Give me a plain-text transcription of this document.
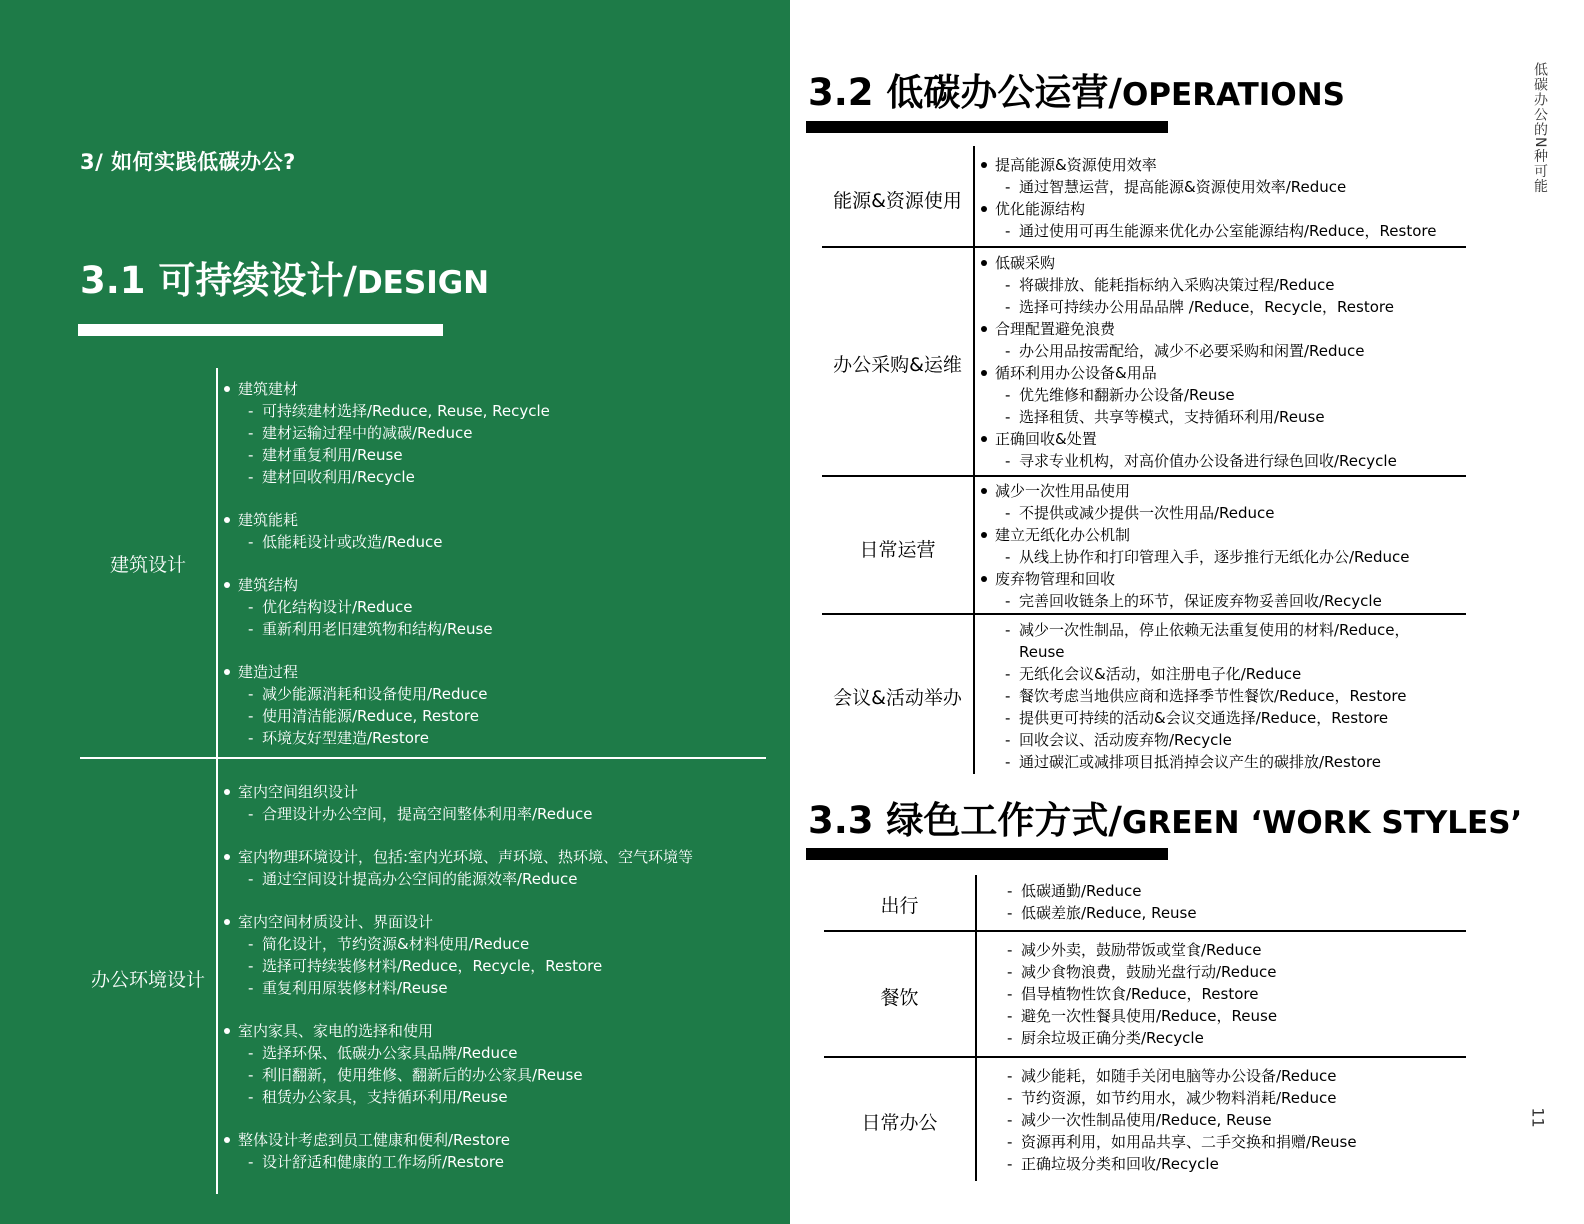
3/ 如何实践低碳办公?
3.1 可持续设计/DESIGN
建筑设计
建筑建材
- 可持续建材选择/Reduce, Reuse, Recycle
- 建材运输过程中的减碳/Reduce
- 建材重复利用/Reuse
- 建材回收利用/Recycle
建筑能耗
- 低能耗设计或改造/Reduce
建筑结构
- 优化结构设计/Reduce
- 重新利用老旧建筑物和结构/Reuse
建造过程
- 减少能源消耗和设备使用/Reduce
- 使用清洁能源/Reduce, Restore
- 环境友好型建造/Restore
办公环境设计
室内空间组织设计
- 合理设计办公空间，提高空间整体利用率/Reduce
室内物理环境设计，包括:室内光环境、声环境、热环境、空气环境等
- 通过空间设计提高办公空间的能源效率/Reduce
室内空间材质设计、界面设计
- 简化设计，节约资源&材料使用/Reduce
- 选择可持续装修材料/Reduce，Recycle，Restore
- 重复利用原装修材料/Reuse
室内家具、家电的选择和使用
- 选择环保、低碳办公家具品牌/Reduce
- 利旧翻新，使用维修、翻新后的办公家具/Reuse
- 租赁办公家具，支持循环利用/Reuse
整体设计考虑到员工健康和便利/Restore
- 设计舒适和健康的工作场所/Restore
3.2 低碳办公运营/OPERATIONS
能源&资源使用
提高能源&资源使用效率
- 通过智慧运营，提高能源&资源使用效率/Reduce
优化能源结构
- 通过使用可再生能源来优化办公室能源结构/Reduce，Restore
办公采购&运维
低碳采购
- 将碳排放、能耗指标纳入采购决策过程/Reduce
- 选择可持续办公用品品牌 /Reduce，Recycle，Restore
合理配置避免浪费
- 办公用品按需配给，减少不必要采购和闲置/Reduce
循环利用办公设备&用品
- 优先维修和翻新办公设备/Reuse
- 选择租赁、共享等模式，支持循环利用/Reuse
正确回收&处置
- 寻求专业机构，对高价值办公设备进行绿色回收/Recycle
日常运营
减少一次性用品使用
- 不提供或减少提供一次性用品/Reduce
建立无纸化办公机制
- 从线上协作和打印管理入手，逐步推行无纸化办公/Reduce
废弃物管理和回收
- 完善回收链条上的环节，保证废弃物妥善回收/Recycle
会议&活动举办
- 减少一次性制品，停止依赖无法重复使用的材料/Reduce，
Reuse
- 无纸化会议&活动，如注册电子化/Reduce
- 餐饮考虑当地供应商和选择季节性餐饮/Reduce，Restore
- 提供更可持续的活动&会议交通选择/Reduce，Restore
- 回收会议、活动废弃物/Recycle
- 通过碳汇或减排项目抵消掉会议产生的碳排放/Restore
3.3 绿色工作方式/GREEN ‘WORK STYLES’
出行
- 低碳通勤/Reduce
- 低碳差旅/Reduce, Reuse
餐饮
- 减少外卖，鼓励带饭或堂食/Reduce
- 减少食物浪费，鼓励光盘行动/Reduce
- 倡导植物性饮食/Reduce，Restore
- 避免一次性餐具使用/Reduce，Reuse
- 厨余垃圾正确分类/Recycle
日常办公
- 减少能耗，如随手关闭电脑等办公设备/Reduce
- 节约资源，如节约用水，减少物料消耗/Reduce
- 减少一次性制品使用/Reduce, Reuse
- 资源再利用，如用品共享、二手交换和捐赠/Reuse
- 正确垃圾分类和回收/Recycle
低碳办公的N种可能
11
